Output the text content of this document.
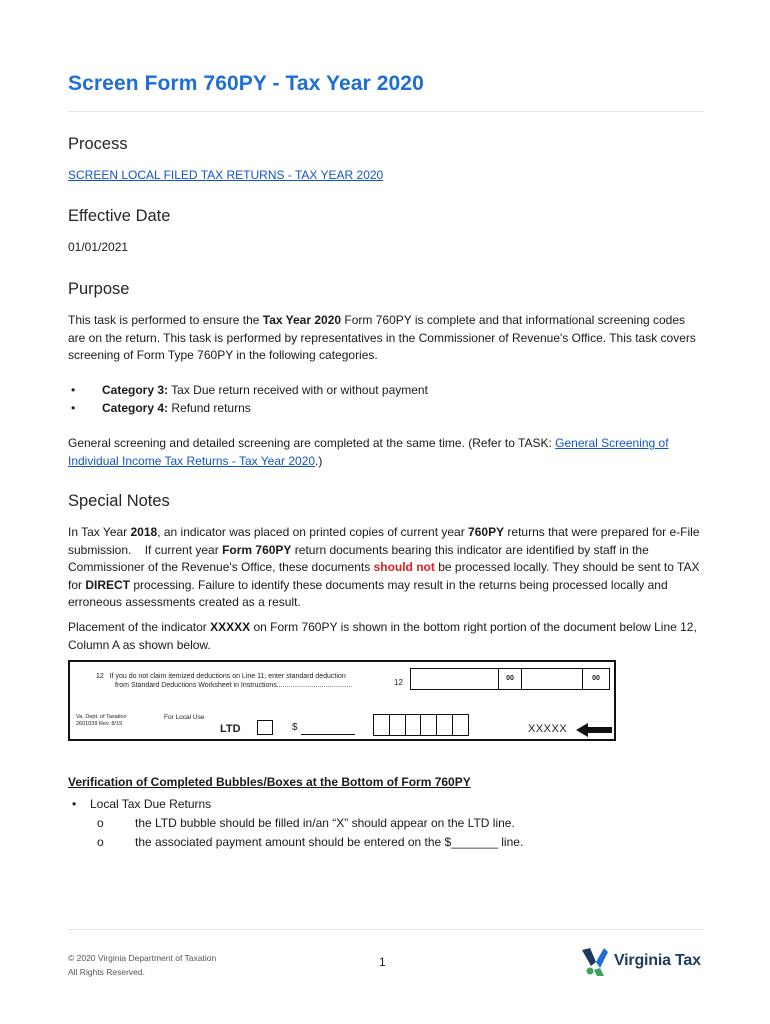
Screen Form 760PY - Tax Year 2020
Process
SCREEN LOCAL FILED TAX RETURNS - TAX YEAR 2020
Effective Date
01/01/2021
Purpose

This task is performed to ensure the Tax Year 2020 Form 760PY is complete and that informational screening codes are on the return. This task is performed by representatives in the Commissioner of Revenue's Office. This task covers screening of Form Type 760PY in the following categories.

• Category 3: Tax Due return received with or without payment
• Category 4: Refund returns

General screening and detailed screening are completed at the same time. (Refer to TASK: General Screening of Individual Income Tax Returns - Tax Year 2020.)

Special Notes

In Tax Year 2018, an indicator was placed on printed copies of current year 760PY returns that were prepared for e-File submission.    If current year Form 760PY return documents bearing this indicator are identified by staff in the Commissioner of the Revenue's Office, these documents should not be processed locally. They should be sent to TAX for DIRECT processing. Failure to identify these documents may result in the returns being processed locally and erroneous assessments created as a result.

Placement of the indicator XXXXX on Form 760PY is shown in the bottom right portion of the document below Line 12, Column A as shown below.

12 If you do not claim itemized deductions on Line 11, enter standard deduction
from Standard Deductions Worksheet in Instructions.......................................	12	00	00
Va. Dept. of Taxation
2601039 Rev. 8/19
For Local Use
LTD	$	XXXXX
Verification of Completed Bubbles/Boxes at the Bottom of Form 760PY
• Local Tax Due Returns
o	the LTD bubble should be filled in/an “X” should appear on the LTD line.
o	the associated payment amount should be entered on the $_______ line.
© 2020 Virginia Department of Taxation
All Rights Reserved.
1	Virginia Tax
